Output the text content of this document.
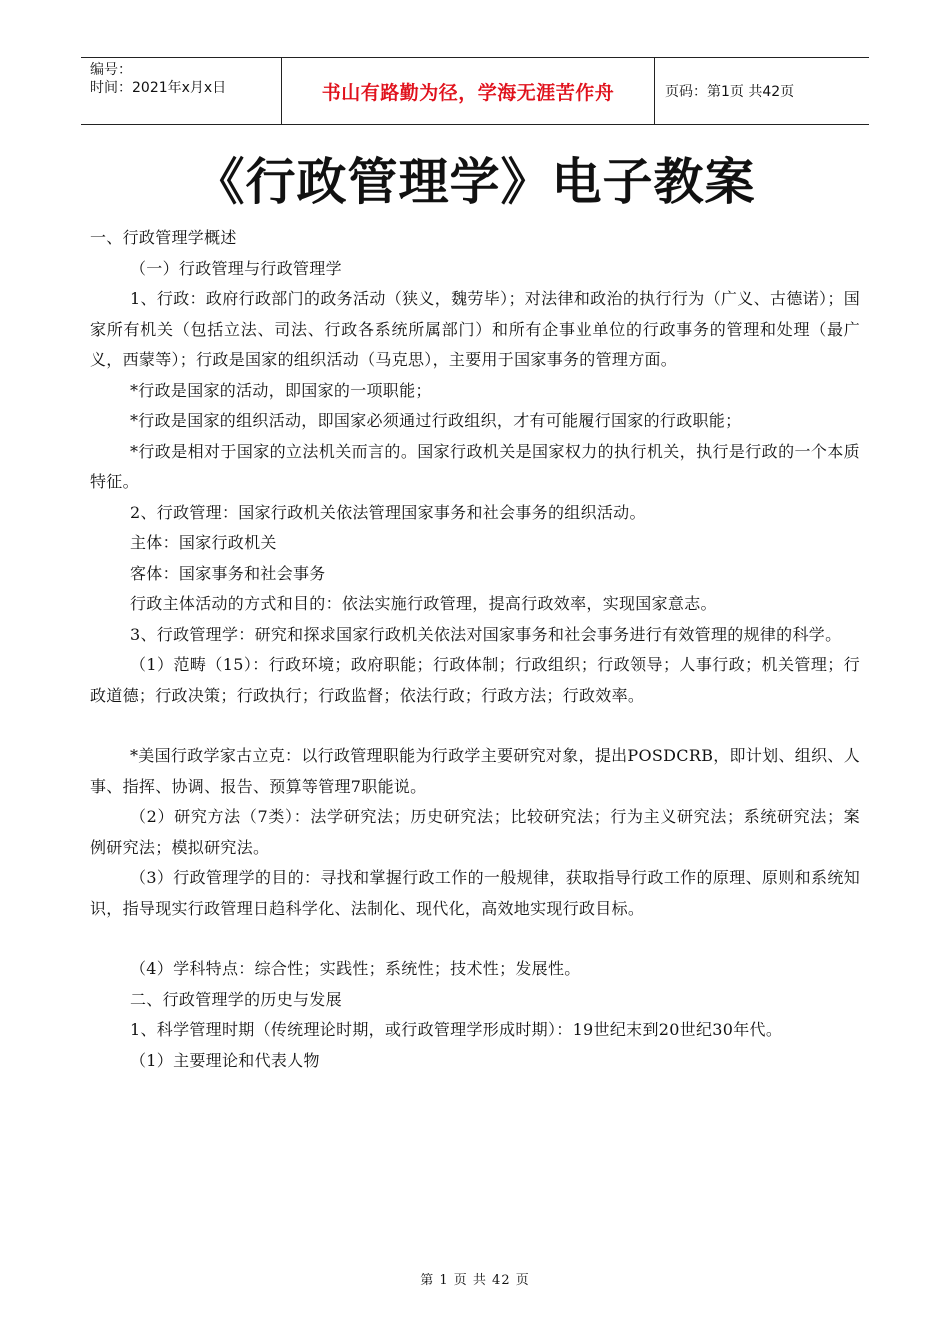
编号：
时间：2021年x月x日	书山有路勤为径，学海无涯苦作舟	页码：第1页 共42页
《行政管理学》电子教案

一、行政管理学概述

（一）行政管理与行政管理学

1、行政：政府行政部门的政务活动（狭义，魏劳毕）；对法律和政治的执行行为（广义、古德诺）；国家所有机关（包括立法、司法、行政各系统所属部门）和所有企事业单位的行政事务的管理和处理（最广义，西蒙等）；行政是国家的组织活动（马克思），主要用于国家事务的管理方面。

*行政是国家的活动，即国家的一项职能；

*行政是国家的组织活动，即国家必须通过行政组织，才有可能履行国家的行政职能；

*行政是相对于国家的立法机关而言的。国家行政机关是国家权力的执行机关，执行是行政的一个本质特征。

2、行政管理：国家行政机关依法管理国家事务和社会事务的组织活动。

主体：国家行政机关

客体：国家事务和社会事务

行政主体活动的方式和目的：依法实施行政管理，提高行政效率，实现国家意志。

3、行政管理学：研究和探求国家行政机关依法对国家事务和社会事务进行有效管理的规律的科学。

（1）范畴（15）：行政环境；政府职能；行政体制；行政组织；行政领导；人事行政；机关管理；行政道德；行政决策；行政执行；行政监督；依法行政；行政方法；行政效率。

*美国行政学家古立克：以行政管理职能为行政学主要研究对象，提出POSDCRB，即计划、组织、人事、指挥、协调、报告、预算等管理7职能说。

（2）研究方法（7类）：法学研究法；历史研究法；比较研究法；行为主义研究法；系统研究法；案例研究法；模拟研究法。

（3）行政管理学的目的：寻找和掌握行政工作的一般规律，获取指导行政工作的原理、原则和系统知识，指导现实行政管理日趋科学化、法制化、现代化，高效地实现行政目标。

（4）学科特点：综合性；实践性；系统性；技术性；发展性。

二、行政管理学的历史与发展

1、科学管理时期（传统理论时期，或行政管理学形成时期）：19世纪末到20世纪30年代。

（1）主要理论和代表人物

第 1 页 共 42 页
